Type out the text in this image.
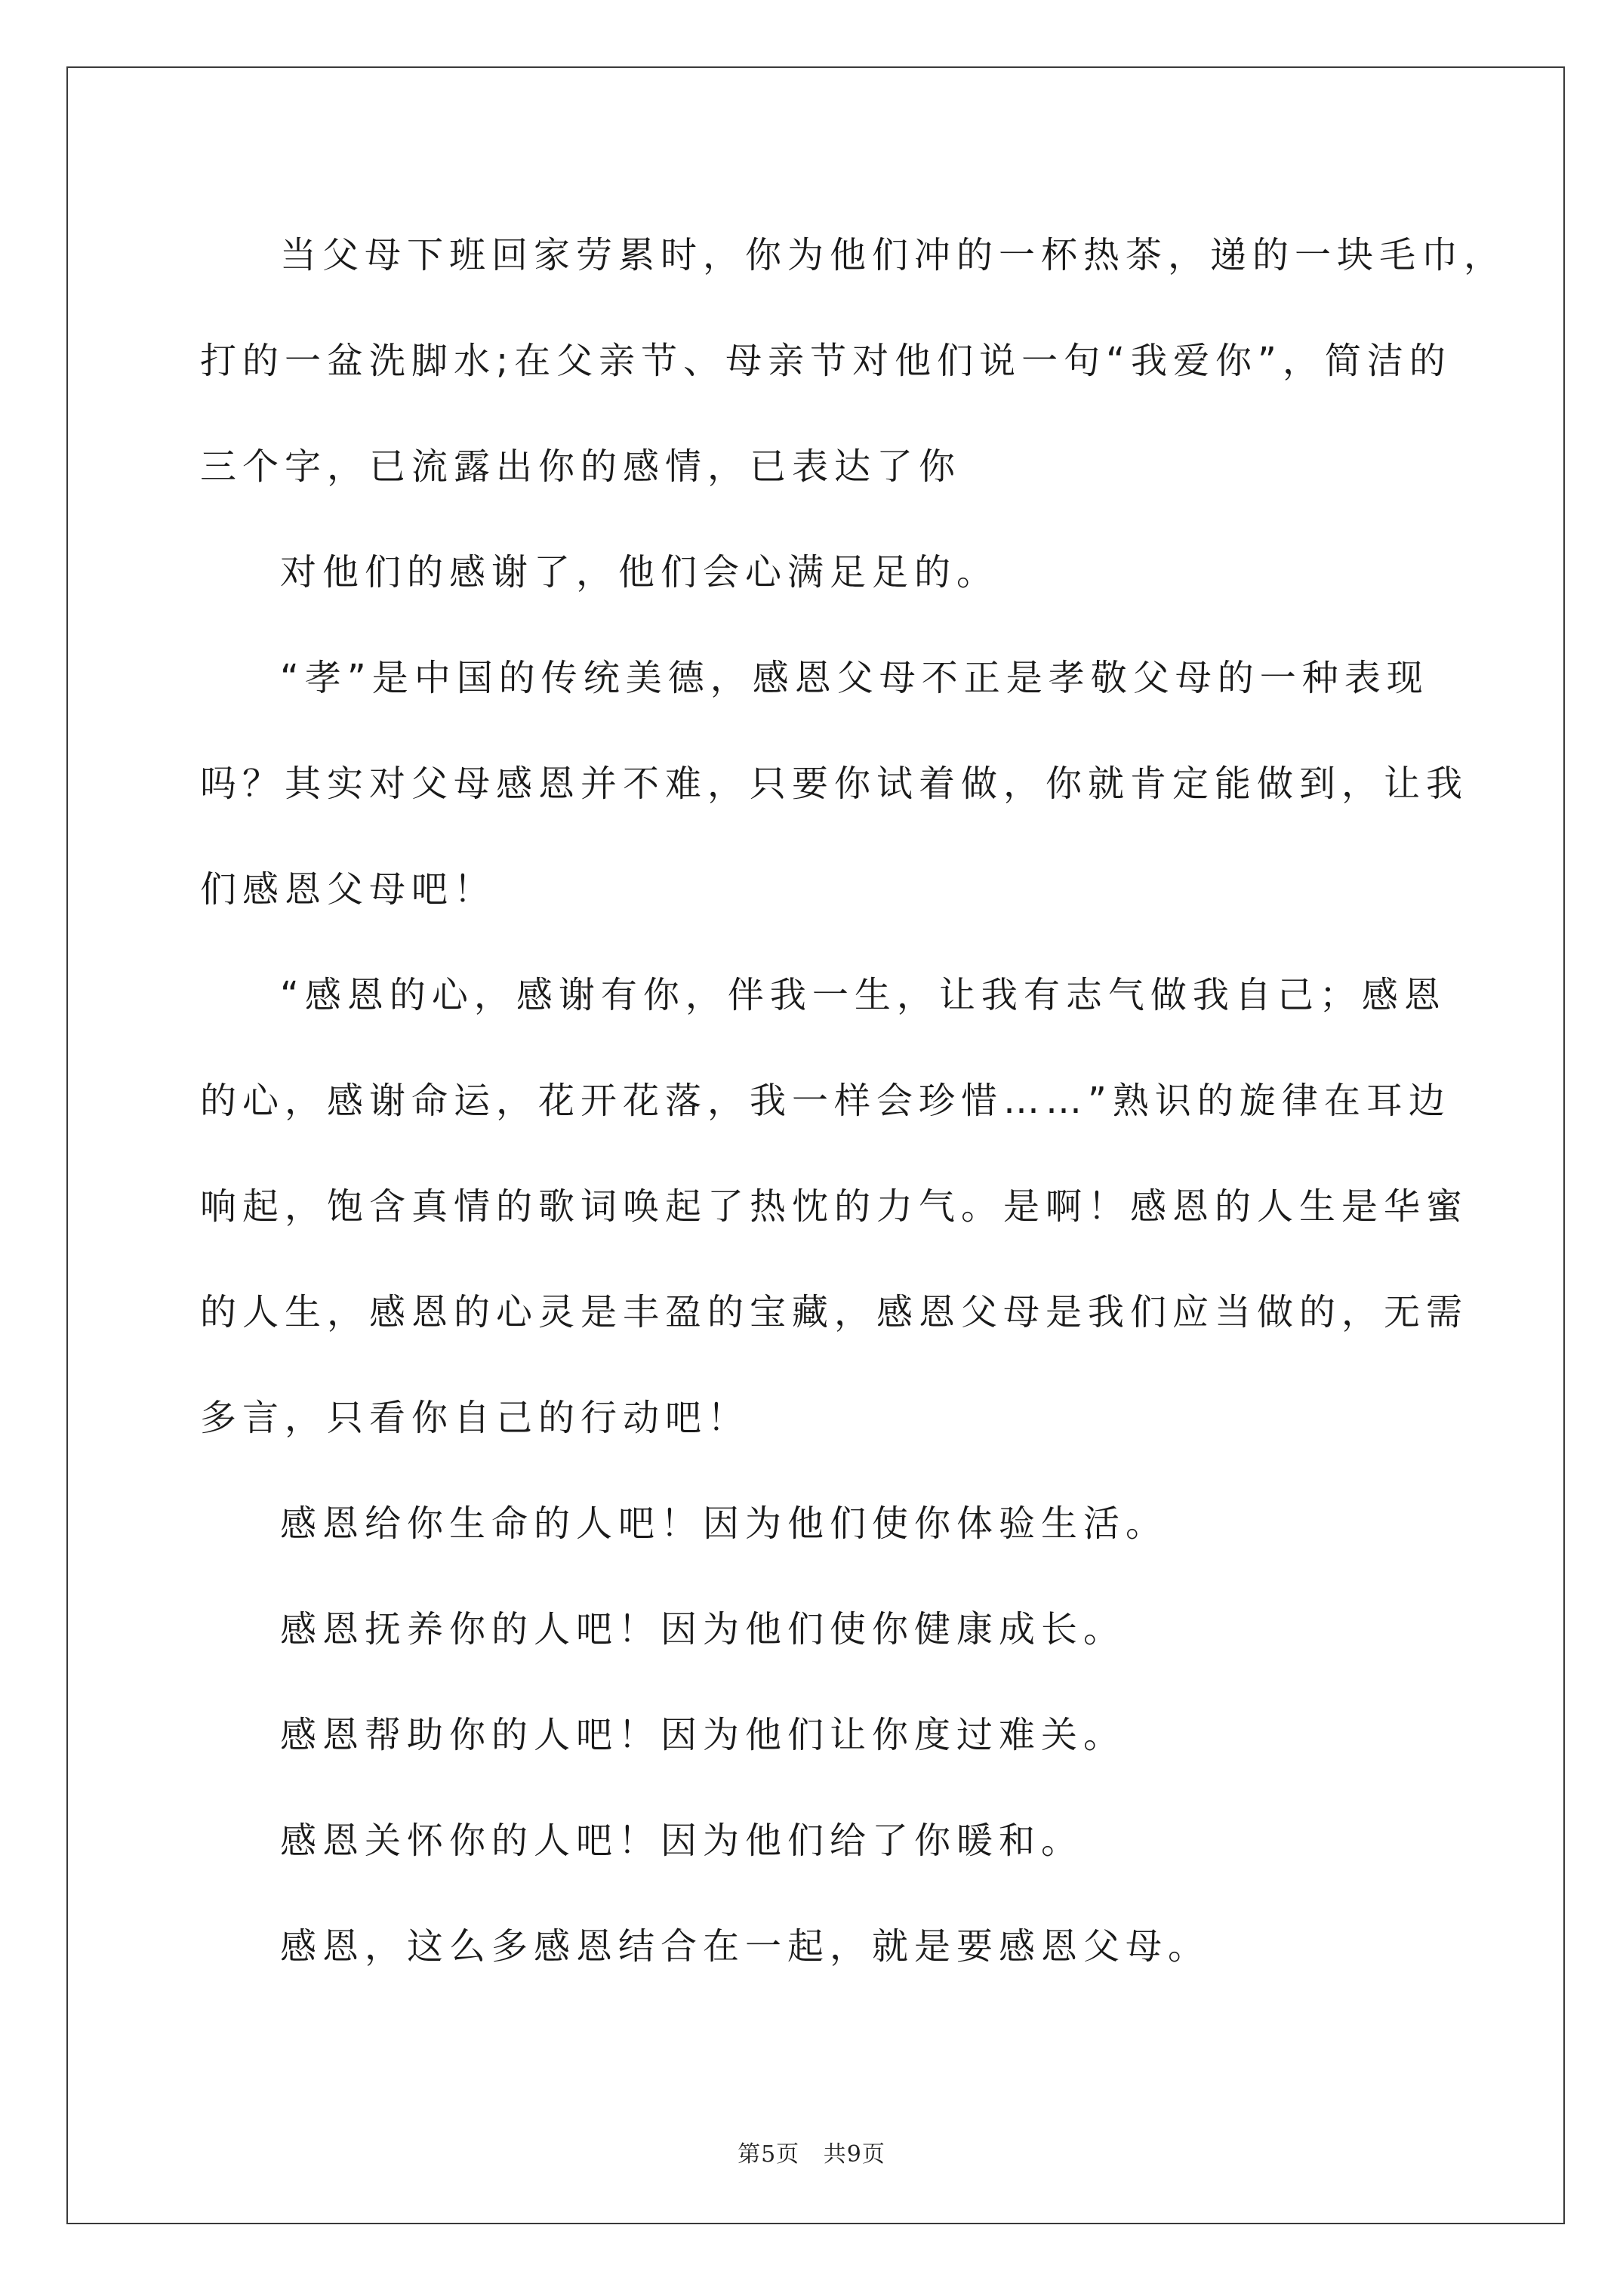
当父母下班回家劳累时，你为他们冲的一杯热茶，递的一块毛巾，
打的一盆洗脚水;在父亲节、母亲节对他们说一句“我爱你”，简洁的
三个字，已流露出你的感情，已表达了你

对他们的感谢了，他们会心满足足的。

“孝”是中国的传统美德，感恩父母不正是孝敬父母的一种表现
吗？其实对父母感恩并不难，只要你试着做，你就肯定能做到，让我
们感恩父母吧！

“感恩的心，感谢有你，伴我一生，让我有志气做我自己；感恩
的心，感谢命运，花开花落，我一样会珍惜……”熟识的旋律在耳边
响起，饱含真情的歌词唤起了热忱的力气。是啊！感恩的人生是华蜜
的人生，感恩的心灵是丰盈的宝藏，感恩父母是我们应当做的，无需
多言，只看你自己的行动吧！

感恩给你生命的人吧！因为他们使你体验生活。

感恩抚养你的人吧！因为他们使你健康成长。

感恩帮助你的人吧！因为他们让你度过难关。

感恩关怀你的人吧！因为他们给了你暖和。

感恩，这么多感恩结合在一起，就是要感恩父母。

第5页 共9页
